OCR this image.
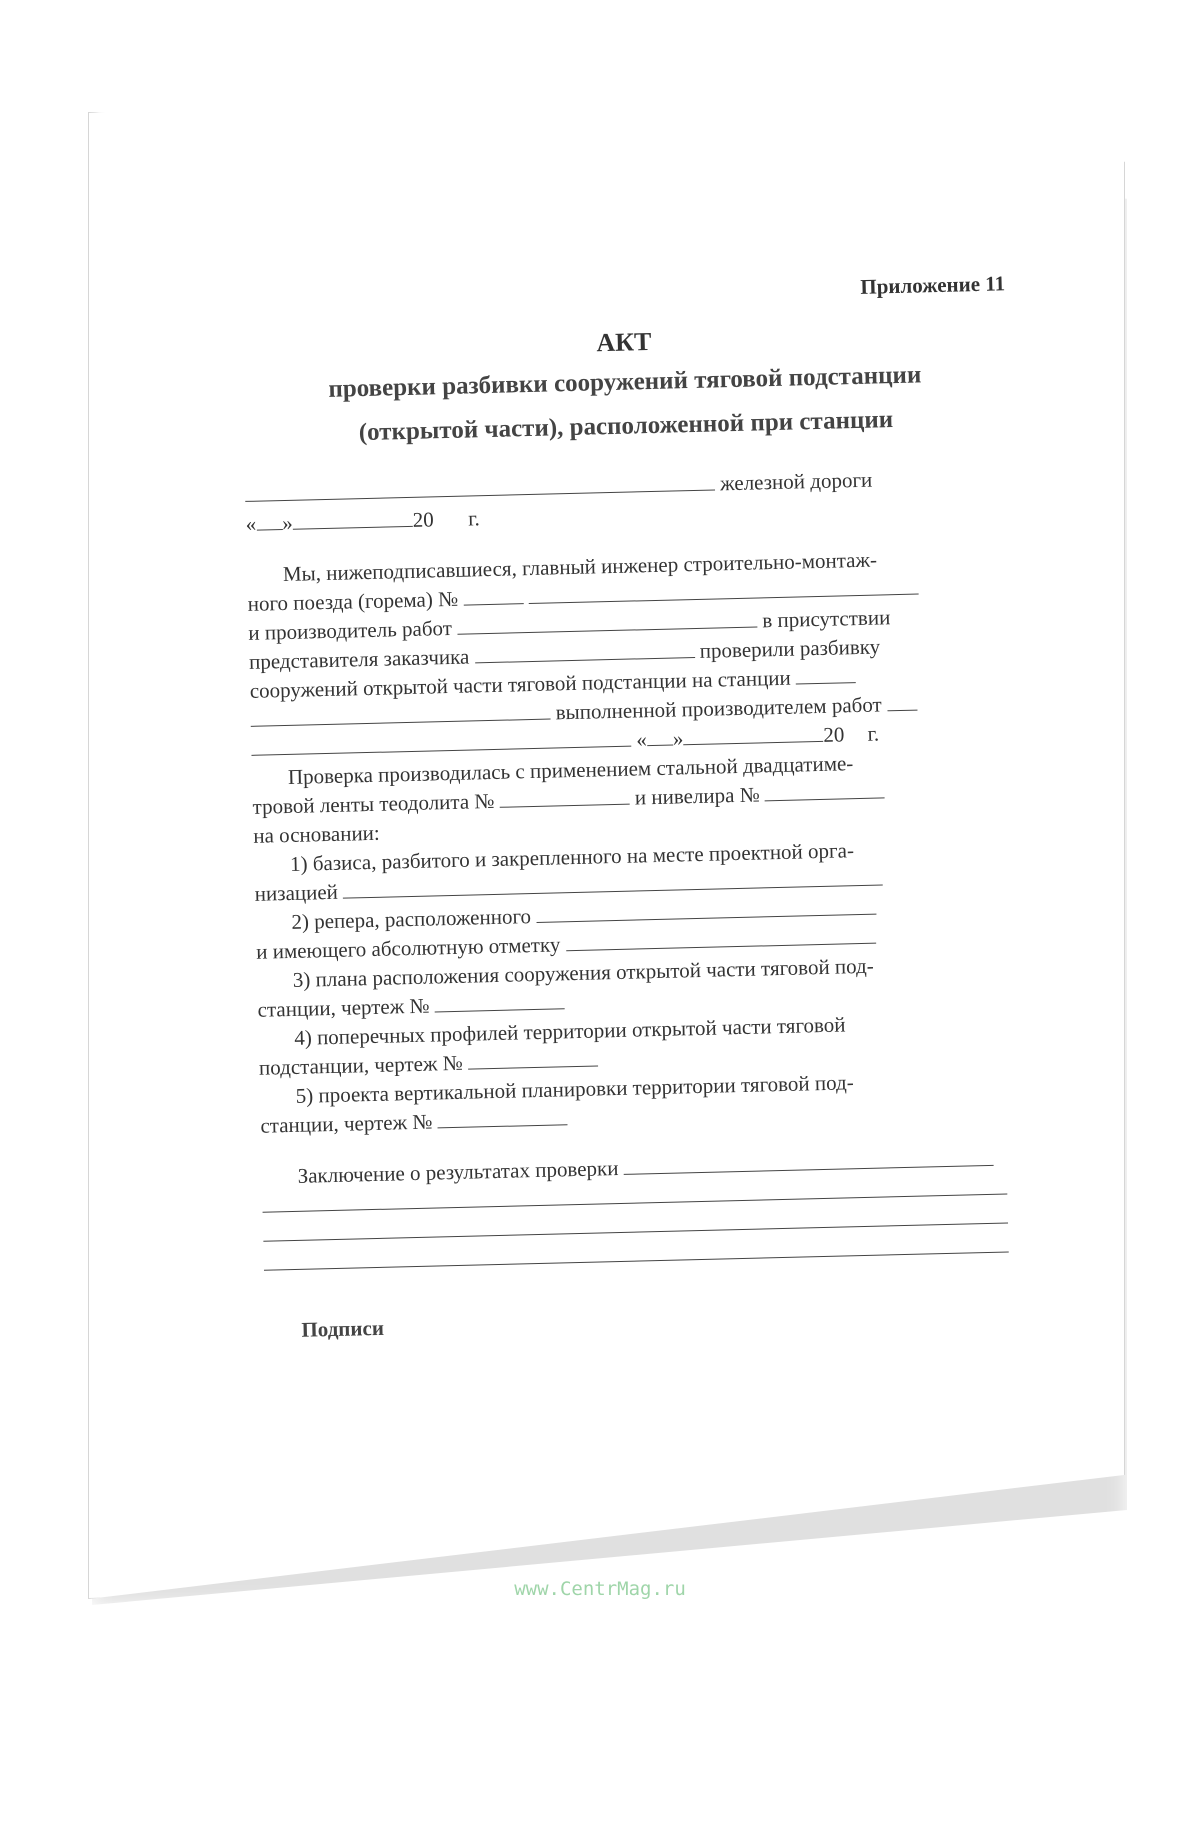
Приложение 11
АКТ
проверки разбивки сооружений тяговой подстанции
(открытой части), расположенной при станции
железной дороги
« »	20 г.
Мы, нижеподписавшиеся, главный инженер строительно-монтаж-
ного поезда (горема) №
и производитель работ	в присутствии
представителя заказчика	проверили разбивку
сооружений открытой части тяговой подстанции на станции
выполненной производителем работ
« »	20 г.
Проверка производилась с применением стальной двадцатиме-
тровой ленты теодолита №	и нивелира №
на основании:
1) базиса, разбитого и закрепленного на месте проектной орга-
низацией
2) репера, расположенного
и имеющего абсолютную отметку
3) плана расположения сооружения открытой части тяговой под-
станции, чертеж №
4) поперечных профилей территории открытой части тяговой
подстанции, чертеж №
5) проекта вертикальной планировки территории тяговой под-
станции, чертеж №
Заключение о результатах проверки
Подписи
www.CentrMag.ru
